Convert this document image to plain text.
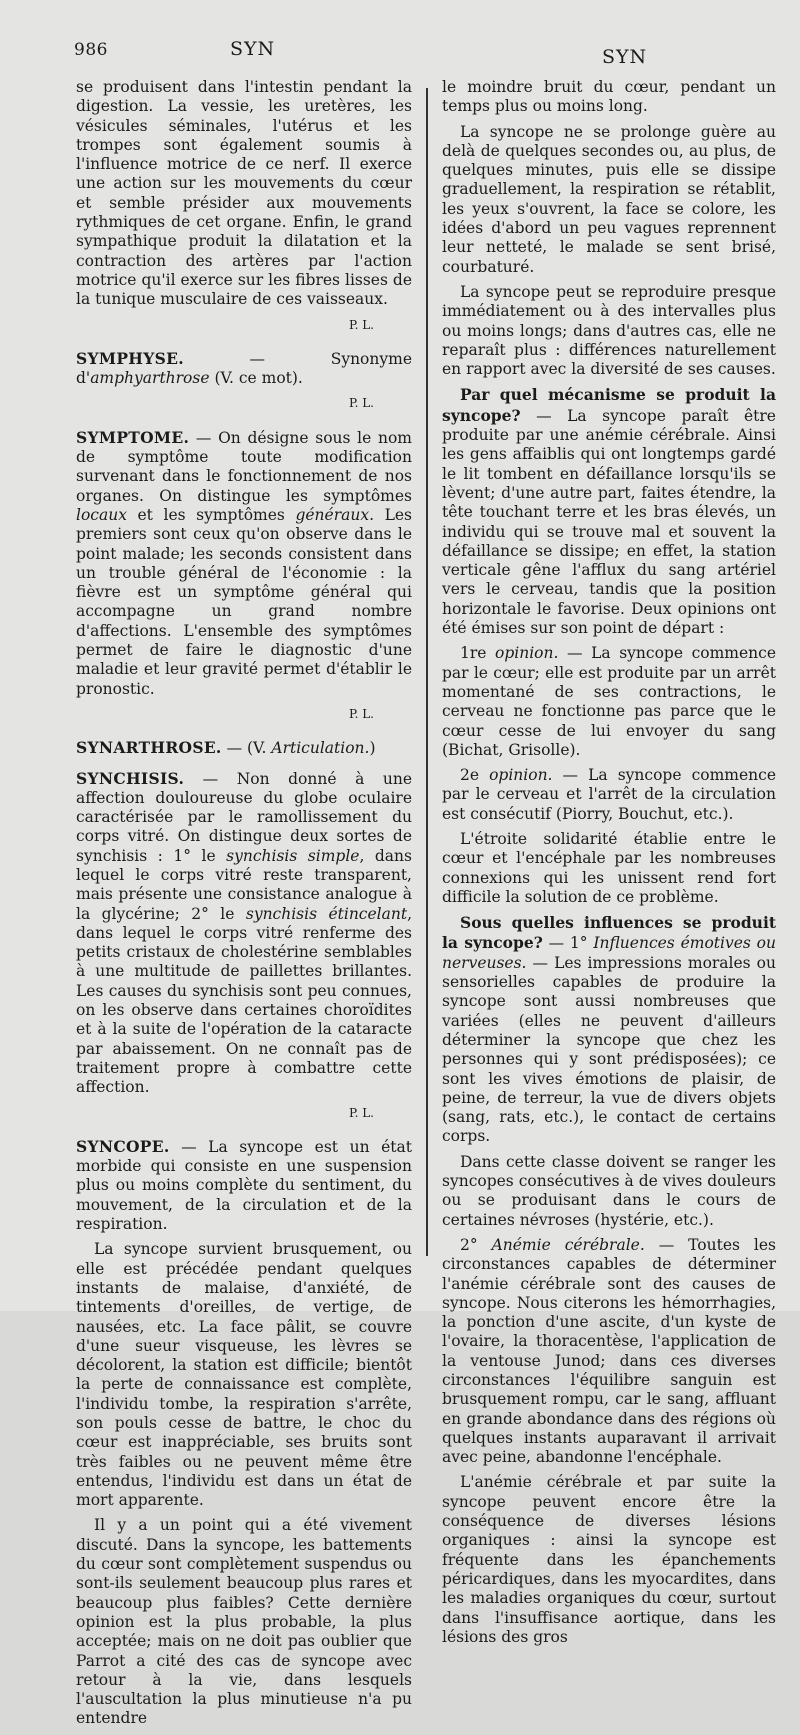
986	SYN	SYN

se produisent dans l'intestin pendant la digestion. La vessie, les uretères, les vésicules séminales, l'utérus et les trompes sont également soumis à l'influence motrice de ce nerf. Il exerce une action sur les mouvements du cœur et semble présider aux mouvements rythmiques de cet organe. Enfin, le grand sympathique produit la dilatation et la contraction des artères par l'action motrice qu'il exerce sur les fibres lisses de la tunique musculaire de ces vaisseaux.

P. L.

SYMPHYSE. — Synonyme d'amphyarthrose (V. ce mot).

P. L.

SYMPTOME. — On désigne sous le nom de symptôme toute modification survenant dans le fonctionnement de nos organes. On distingue les symptômes locaux et les symptômes généraux. Les premiers sont ceux qu'on observe dans le point malade; les seconds consistent dans un trouble général de l'économie : la fièvre est un symptôme général qui accompagne un grand nombre d'affections. L'ensemble des symptômes permet de faire le diagnostic d'une maladie et leur gravité permet d'établir le pronostic.

P. L.

SYNARTHROSE. — (V. Articulation.)

SYNCHISIS. — Non donné à une affection douloureuse du globe oculaire caractérisée par le ramollissement du corps vitré. On distingue deux sortes de synchisis : 1° le synchisis simple, dans lequel le corps vitré reste transparent, mais présente une consistance analogue à la glycérine; 2° le synchisis étincelant, dans lequel le corps vitré renferme des petits cristaux de cholestérine semblables à une multitude de paillettes brillantes. Les causes du synchisis sont peu connues, on les observe dans certaines choroïdites et à la suite de l'opération de la cataracte par abaissement. On ne connaît pas de traitement propre à combattre cette affection.

P. L.

SYNCOPE. — La syncope est un état morbide qui consiste en une suspension plus ou moins complète du sentiment, du mouvement, de la circulation et de la respiration.

La syncope survient brusquement, ou elle est précédée pendant quelques instants de malaise, d'anxiété, de tintements d'oreilles, de vertige, de nausées, etc. La face pâlit, se couvre d'une sueur visqueuse, les lèvres se décolorent, la station est difficile; bientôt la perte de connaissance est complète, l'individu tombe, la respiration s'arrête, son pouls cesse de battre, le choc du cœur est inappréciable, ses bruits sont très faibles ou ne peuvent même être entendus, l'individu est dans un état de mort apparente.

Il y a un point qui a été vivement discuté. Dans la syncope, les battements du cœur sont complètement suspendus ou sont-ils seulement beaucoup plus rares et beaucoup plus faibles? Cette dernière opinion est la plus probable, la plus acceptée; mais on ne doit pas oublier que Parrot a cité des cas de syncope avec retour à la vie, dans lesquels l'auscultation la plus minutieuse n'a pu entendre

le moindre bruit du cœur, pendant un temps plus ou moins long.

La syncope ne se prolonge guère au delà de quelques secondes ou, au plus, de quelques minutes, puis elle se dissipe graduellement, la respiration se rétablit, les yeux s'ouvrent, la face se colore, les idées d'abord un peu vagues reprennent leur netteté, le malade se sent brisé, courbaturé.

La syncope peut se reproduire presque immédiatement ou à des intervalles plus ou moins longs; dans d'autres cas, elle ne reparaît plus : différences naturellement en rapport avec la diversité de ses causes.

Par quel mécanisme se produit la syncope? — La syncope paraît être produite par une anémie cérébrale. Ainsi les gens affaiblis qui ont longtemps gardé le lit tombent en défaillance lorsqu'ils se lèvent; d'une autre part, faites étendre, la tête touchant terre et les bras élevés, un individu qui se trouve mal et souvent la défaillance se dissipe; en effet, la station verticale gêne l'afflux du sang artériel vers le cerveau, tandis que la position horizontale le favorise. Deux opinions ont été émises sur son point de départ :

1re opinion. — La syncope commence par le cœur; elle est produite par un arrêt momentané de ses contractions, le cerveau ne fonctionne pas parce que le cœur cesse de lui envoyer du sang (Bichat, Grisolle).

2e opinion. — La syncope commence par le cerveau et l'arrêt de la circulation est consécutif (Piorry, Bouchut, etc.).

L'étroite solidarité établie entre le cœur et l'encéphale par les nombreuses connexions qui les unissent rend fort difficile la solution de ce problème.

Sous quelles influences se produit la syncope? — 1° Influences émotives ou nerveuses. — Les impressions morales ou sensorielles capables de produire la syncope sont aussi nombreuses que variées (elles ne peuvent d'ailleurs déterminer la syncope que chez les personnes qui y sont prédisposées); ce sont les vives émotions de plaisir, de peine, de terreur, la vue de divers objets (sang, rats, etc.), le contact de certains corps.

Dans cette classe doivent se ranger les syncopes consécutives à de vives douleurs ou se produisant dans le cours de certaines névroses (hystérie, etc.).

2° Anémie cérébrale. — Toutes les circonstances capables de déterminer l'anémie cérébrale sont des causes de syncope. Nous citerons les hémorrhagies, la ponction d'une ascite, d'un kyste de l'ovaire, la thoracentèse, l'application de la ventouse Junod; dans ces diverses circonstances l'équilibre sanguin est brusquement rompu, car le sang, affluant en grande abondance dans des régions où quelques instants auparavant il arrivait avec peine, abandonne l'encéphale.

L'anémie cérébrale et par suite la syncope peuvent encore être la conséquence de diverses lésions organiques : ainsi la syncope est fréquente dans les épanchements péricardiques, dans les myocardites, dans les maladies organiques du cœur, surtout dans l'insuffisance aortique, dans les lésions des gros
